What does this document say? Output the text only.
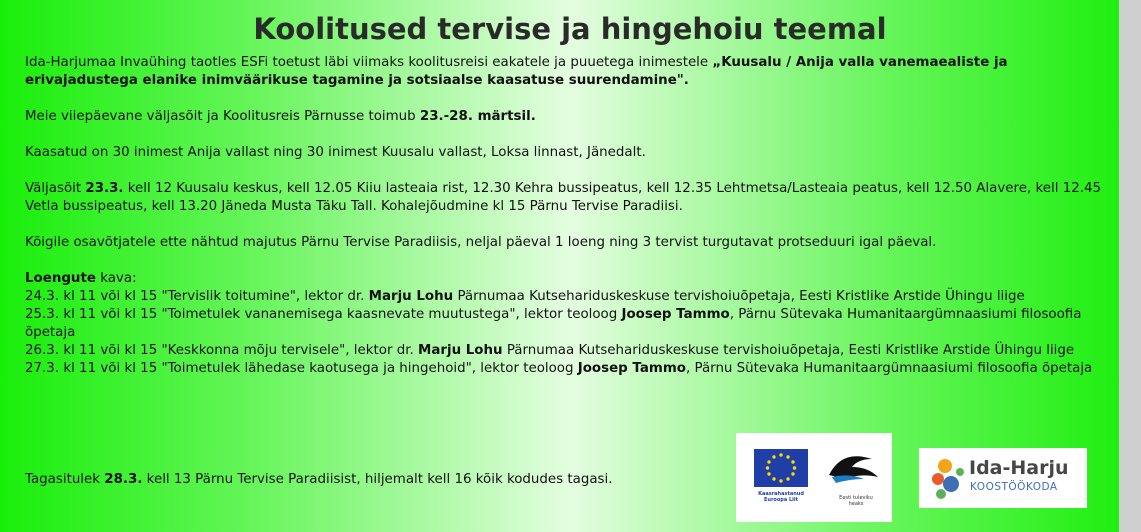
Koolitused tervise ja hingehoiu teemal

Ida-Harjumaa Invaühing taotles ESFi toetust läbi viimaks koolitusreisi eakatele ja puuetega inimestele „Kuusalu / Anija valla vanemaealiste ja erivajadustega elanike inimväärikuse tagamine ja sotsiaalse kaasatuse suurendamine".

Meie viiepäevane väljasõit ja Koolitusreis Pärnusse toimub 23.-28. märtsil.

Kaasatud on 30 inimest Anija vallast ning 30 inimest Kuusalu vallast, Loksa linnast, Jänedalt.

Väljasõit 23.3. kell 12 Kuusalu keskus, kell 12.05 Kiiu lasteaia rist, 12.30 Kehra bussipeatus, kell 12.35 Lehtmetsa/Lasteaia peatus, kell 12.50 Alavere, kell 12.45 Vetla bussipeatus, kell 13.20 Jäneda Musta Täku Tall. Kohalejõudmine kl 15 Pärnu Tervise Paradiisi.

Kõigile osavõtjatele ette nähtud majutus Pärnu Tervise Paradiisis, neljal päeval 1 loeng ning 3 tervist turgutavat protseduuri igal päeval.

Loengute kava:

24.3. kl 11 või kl 15 "Tervislik toitumine", lektor dr. Marju Lohu Pärnumaa Kutsehariduskeskuse tervishoiuõpetaja, Eesti Kristlike Arstide Ühingu liige

25.3. kl 11 või kl 15 "Toimetulek vananemisega kaasnevate muutustega", lektor teoloog Joosep Tammo, Pärnu Sütevaka Humanitaargümnaasiumi filosoofia õpetaja

26.3. kl 11 või kl 15 "Keskkonna mõju tervisele", lektor dr. Marju Lohu Pärnumaa Kutsehariduskeskuse tervishoiuõpetaja, Eesti Kristlike Arstide Ühingu liige

27.3. kl 11 või kl 15 "Toimetulek lähedase kaotusega ja hingehoid", lektor teoloog Joosep Tammo, Pärnu Sütevaka Humanitaargümnaasiumi filosoofia õpetaja

Tagasitulek 28.3. kell 13 Pärnu Tervise Paradiisist, hiljemalt kell 16 kõik kodudes tagasi.
Kaasrahastanud Euroopa Liit	Eesti tuleviku heaks
Ida-Harju
KOOSTÖÖKODA
